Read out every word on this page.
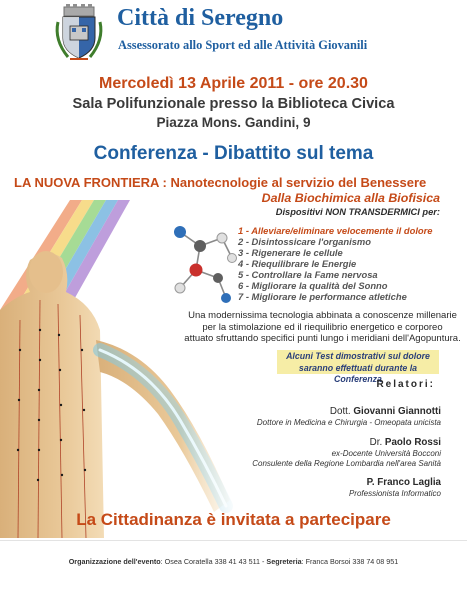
Città di Seregno
Assessorato allo Sport ed alle Attività Giovanili
Mercoledì 13 Aprile 2011 - ore 20.30
Sala Polifunzionale presso la Biblioteca Civica
Piazza Mons. Gandini, 9
Conferenza - Dibattito sul tema
LA NUOVA FRONTIERA : Nanotecnologie al servizio del Benessere
Dalla Biochimica alla Biofisica
Dispositivi NON TRANSDERMICI per:
1 - Alleviare/eliminare velocemente il dolore
2 - Disintossicare l'organismo
3 - Rigenerare le cellule
4 - Riequilibrare le Energie
5 - Controllare la Fame nervosa
6 - Migliorare la qualità del Sonno
7 - Migliorare le performance atletiche
Una modernissima tecnologia abbinata a conoscenze millenarie
per la stimolazione ed il riequilibrio energetico e corporeo
attuato sfruttando specifici punti lungo i meridiani dell'Agopuntura.
Alcuni Test dimostrativi sul dolore
saranno effettuati durante la Conferenza
Relatori:
Dott. Giovanni Giannotti
Dottore in Medicina e Chirurgia - Omeopata unicista
Dr. Paolo Rossi
ex-Docente Università Bocconi
Consulente della Regione Lombardia nell'area Sanità
P. Franco Laglia
Professionista Informatico
La Cittadinanza è invitata a partecipare
Organizzazione dell'evento: Osea Coratella 338 41 43 511 - Segreteria: Franca Borsoi 338 74 08 951
